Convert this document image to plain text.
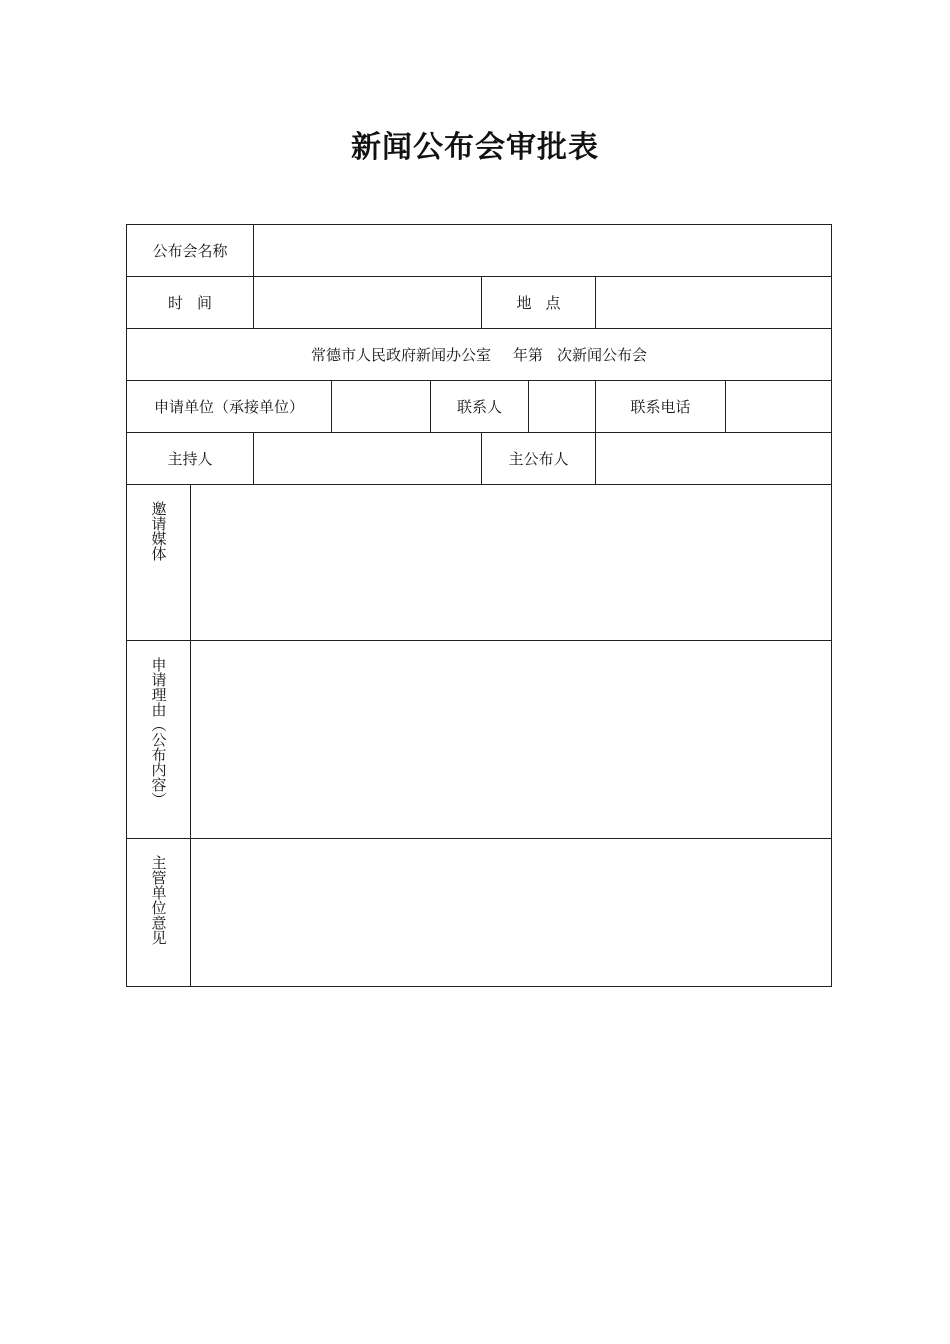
新闻公布会审批表
公布会名称								
时间					地点			
常德市人民政府新闻办公室 年第 次新闻公布会								
申请单位（承接单位）				联系人			联系电话	
主持人					主公布人			
邀请媒体								
申请理由（公布内容）								
主管单位意见								
